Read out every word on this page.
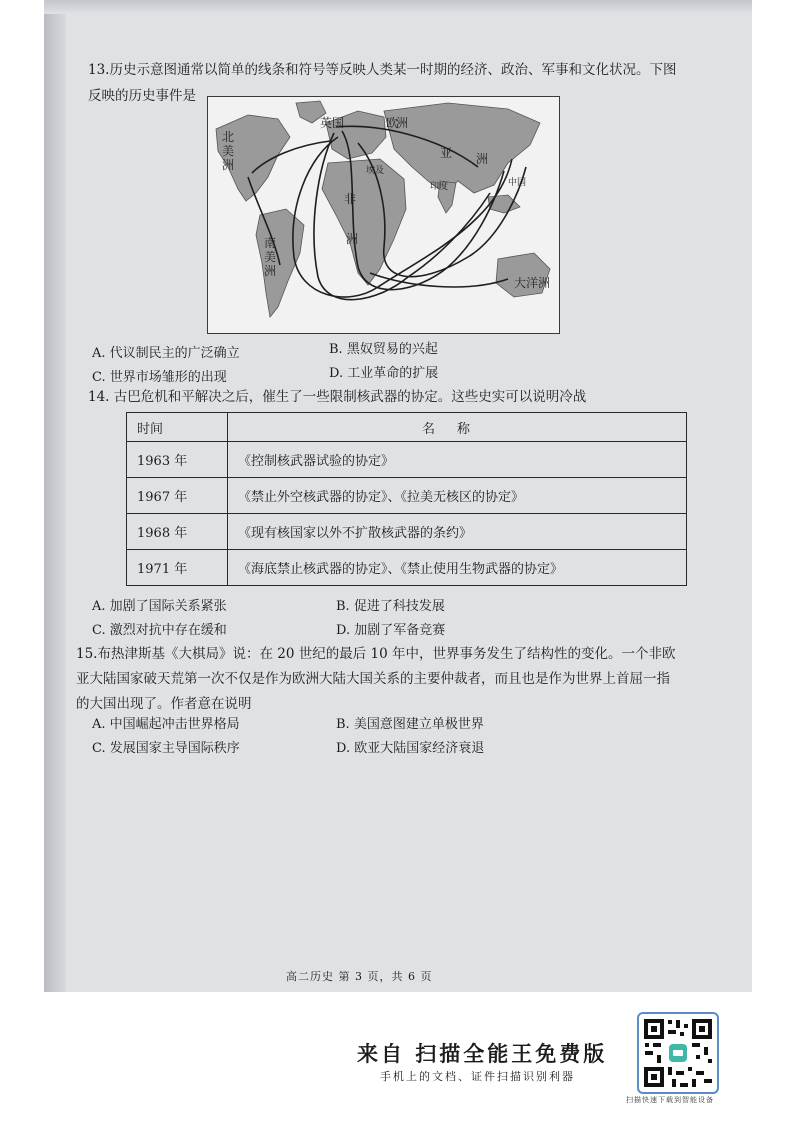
13.历史示意图通常以简单的线条和符号等反映人类某一时期的经济、政治、军事和文化状况。下图
反映的历史事件是
北
美
洲
英国	欧
洲
亚 洲
非
洲
埃及
印度	中国
南
美
洲
大洋洲
A. 代议制民主的广泛确立	B. 黑奴贸易的兴起
C. 世界市场雏形的出现	D. 工业革命的扩展
14. 古巴危机和平解决之后，催生了一些限制核武器的协定。这些史实可以说明冷战
时间	名称
1963 年	《控制核武器试验的协定》
1967 年	《禁止外空核武器的协定》、《拉美无核区的协定》
1968 年	《现有核国家以外不扩散核武器的条约》
1971 年	《海底禁止核武器的协定》、《禁止使用生物武器的协定》
A. 加剧了国际关系紧张	B. 促进了科技发展
C. 激烈对抗中存在缓和	D. 加剧了军备竞赛
15.布热津斯基《大棋局》说：在 20 世纪的最后 10 年中，世界事务发生了结构性的变化。一个非欧
亚大陆国家破天荒第一次不仅是作为欧洲大陆大国关系的主要仲裁者，而且也是作为世界上首屈一指
的大国出现了。作者意在说明
A. 中国崛起冲击世界格局	B. 美国意图建立单极世界
C. 发展国家主导国际秩序	D. 欧亚大陆国家经济衰退
高二历史 第 3 页，共 6 页
来自 扫描全能王免费版
手机上的文档、证件扫描识别利器
扫描快速下载到智能设备
